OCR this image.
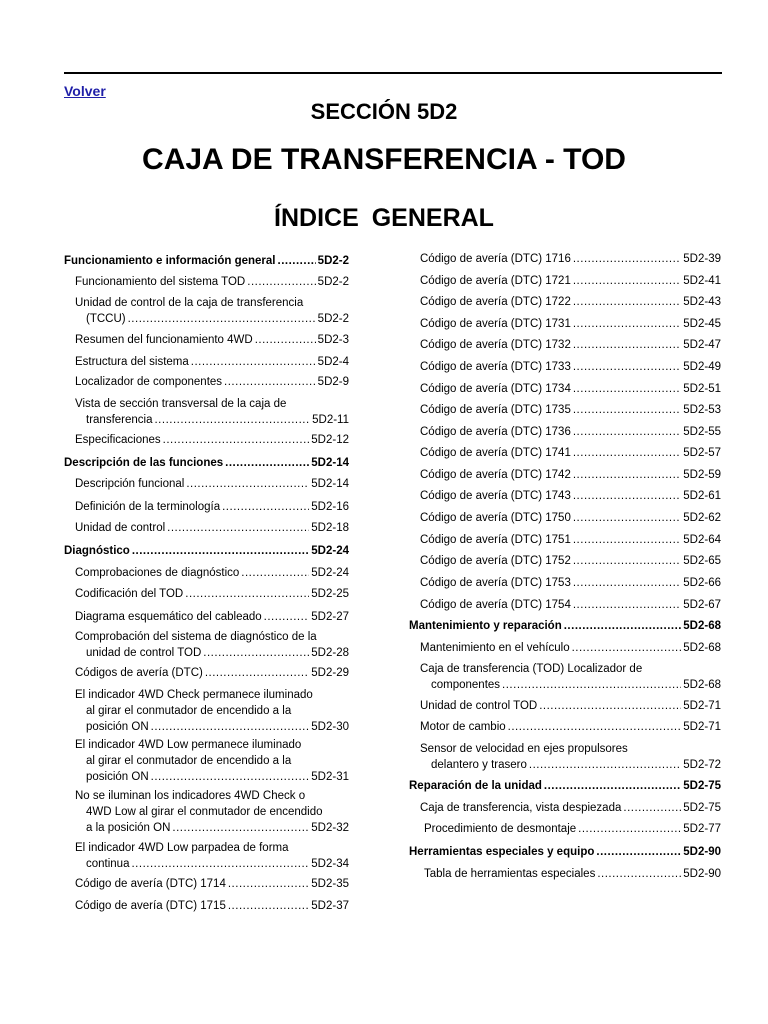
Volver
SECCIÓN 5D2
CAJA DE TRANSFERENCIA - TOD
ÍNDICE GENERAL
Funcionamiento e información general .....	5D2-2
Funcionamiento del sistema TOD .....	5D2-2
Unidad de control de la caja de transferencia
(TCCU) .....	5D2-2
Resumen del funcionamiento 4WD .....	5D2-3
Estructura del sistema .....	5D2-4
Localizador de componentes .....	5D2-9
Vista de sección transversal de la caja de
transferencia .....	5D2-11
Especificaciones .....	5D2-12
Descripción de las funciones .....	5D2-14
Descripción funcional .....	5D2-14
Definición de la terminología .....	5D2-16
Unidad de control .....	5D2-18
Diagnóstico .....	5D2-24
Comprobaciones de diagnóstico .....	5D2-24
Codificación del TOD .....	5D2-25
Diagrama esquemático del cableado .....	5D2-27
Comprobación del sistema de diagnóstico de la
unidad de control TOD .....	5D2-28
Códigos de avería (DTC) .....	5D2-29
El indicador 4WD Check permanece iluminado
al girar el conmutador de encendido a la
posición ON .....	5D2-30
El indicador 4WD Low permanece iluminado
al girar el conmutador de encendido a la
posición ON .....	5D2-31
No se iluminan los indicadores 4WD Check o
4WD Low al girar el conmutador de encendido
a la posición ON .....	5D2-32
El indicador 4WD Low parpadea de forma
continua .....	5D2-34
Código de avería (DTC) 1714 .....	5D2-35
Código de avería (DTC) 1715 .....	5D2-37
Código de avería (DTC) 1716 .....	5D2-39
Código de avería (DTC) 1721 .....	5D2-41
Código de avería (DTC) 1722 .....	5D2-43
Código de avería (DTC) 1731 .....	5D2-45
Código de avería (DTC) 1732 .....	5D2-47
Código de avería (DTC) 1733 .....	5D2-49
Código de avería (DTC) 1734 .....	5D2-51
Código de avería (DTC) 1735 .....	5D2-53
Código de avería (DTC) 1736 .....	5D2-55
Código de avería (DTC) 1741 .....	5D2-57
Código de avería (DTC) 1742 .....	5D2-59
Código de avería (DTC) 1743 .....	5D2-61
Código de avería (DTC) 1750 .....	5D2-62
Código de avería (DTC) 1751 .....	5D2-64
Código de avería (DTC) 1752 .....	5D2-65
Código de avería (DTC) 1753 .....	5D2-66
Código de avería (DTC) 1754 .....	5D2-67
Mantenimiento y reparación .....	5D2-68
Mantenimiento en el vehículo .....	5D2-68
Caja de transferencia (TOD) Localizador de
componentes .....	5D2-68
Unidad de control TOD .....	5D2-71
Motor de cambio .....	5D2-71
Sensor de velocidad en ejes propulsores
delantero y trasero .....	5D2-72
Reparación de la unidad .....	5D2-75
Caja de transferencia, vista despiezada .....	5D2-75
Procedimiento de desmontaje .....	5D2-77
Herramientas especiales y equipo .....	5D2-90
Tabla de herramientas especiales .....	5D2-90
